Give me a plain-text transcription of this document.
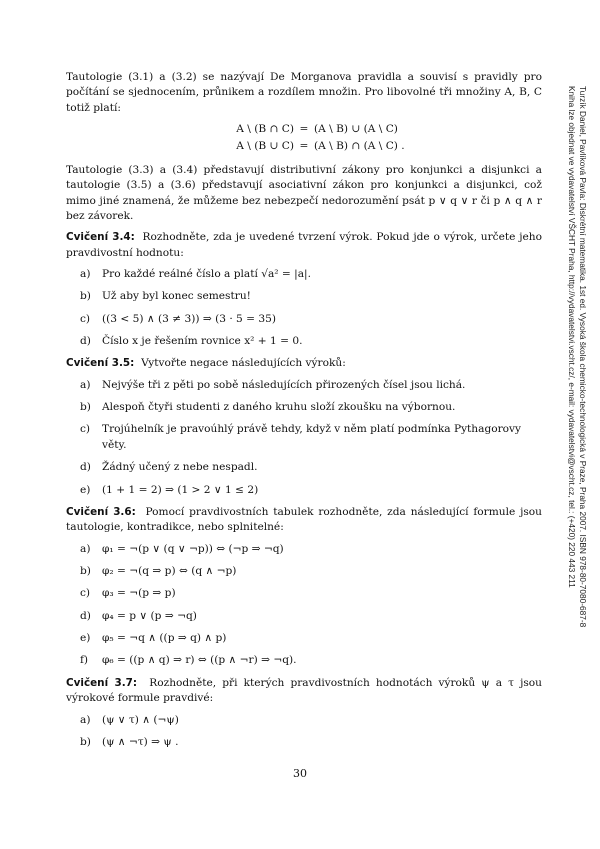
Tautologie (3.1) a (3.2) se nazývají De Morganova pravidla a souvisí s pravidly pro počítání se sjednocením, průnikem a rozdílem množin. Pro libovolné tři množiny A, B, C totiž platí:

A \ (B ∩ C) = (A \ B) ∪ (A \ C)
A \ (B ∪ C) = (A \ B) ∩ (A \ C) .

Tautologie (3.3) a (3.4) představují distributivní zákony pro konjunkci a disjunkci a tautologie (3.5) a (3.6) představují asociativní zákon pro konjunkci a disjunkci, což mimo jiné znamená, že můžeme bez nebezpečí nedorozumění psát p ∨ q ∨ r či p ∧ q ∧ r bez závorek.

Cvičení 3.4: Rozhodněte, zda je uvedené tvrzení výrok. Pokud jde o výrok, určete jeho pravdivostní hodnotu:

a)	Pro každé reálné číslo a platí √a² = |a|.
b) Už aby byl konec semestru!
c)	((3 < 5) ∧ (3 ≠ 3)) ⇒ (3 · 5 = 35)
d) Číslo x je řešením rovnice x² + 1 = 0.

Cvičení 3.5: Vytvořte negace následujících výroků:

a)	Nejvýše tři z pěti po sobě následujících přirozených čísel jsou lichá.
b) Alespoň čtyři studenti z daného kruhu složí zkoušku na výbornou.
c)	Trojúhelník je pravoúhlý právě tehdy, když v něm platí podmínka Pythagorovy věty.
d) Žádný učený z nebe nespadl.
e)	(1 + 1 = 2) ⇒ (1 > 2 ∨ 1 ≤ 2)

Cvičení 3.6: Pomocí pravdivostních tabulek rozhodněte, zda následující formule jsou tautologie, kontradikce, nebo splnitelné:

a)	φ₁ = ¬(p ∨ (q ∨ ¬p)) ⇔ (¬p ⇒ ¬q)
b) φ₂ = ¬(q ⇒ p) ⇔ (q ∧ ¬p)
c)	φ₃ = ¬(p ⇒ p)
d) φ₄ = p ∨ (p ⇒ ¬q)
e)	φ₅ = ¬q ∧ ((p ⇒ q) ∧ p)
f)	φ₆ = ((p ∧ q) ⇒ r) ⇔ ((p ∧ ¬r) ⇒ ¬q).

Cvičení 3.7: Rozhodněte, při kterých pravdivostních hodnotách výroků ψ a τ jsou výrokové formule pravdivé:

a)	(ψ ∨ τ) ∧ (¬ψ)
b) (ψ ∧ ¬τ) ⇒ ψ .
30
Turzík Daniel, Pavlíková Pavla: Diskrétní matematika. 1st ed. Vysoká škola chemicko-technologická v Praze, Praha 2007. ISBN 978-80-7080-687-8
Kniha lze objednat ve vydavatelství VŠCHT Praha, http://vydavatelstvi.vscht.cz/, e-mail: vydavatelstvi@vscht.cz, tel.: (+420) 220 443 211
